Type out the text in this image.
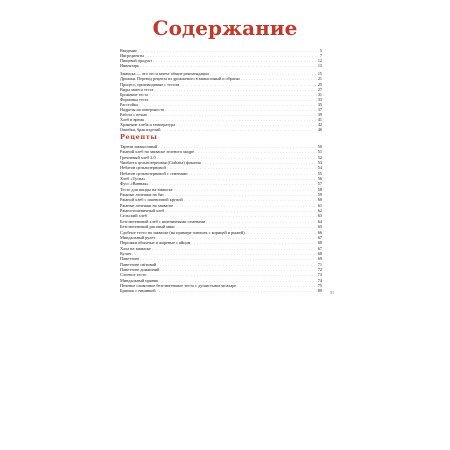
Содержание
Введение . . .	5
Ингредиенты . . .	7
Пищевой продукт . . .	12
Инвентарь . . .	13
Закваска — что это и зачем: общие рекомендации . . .	15
Дрожжи. Перевод рецепта из дрожжевого в заквасочный и обратно . . .	21
Процесс, производимые с тестом . . .	25
Виды замеса теста . . .	27
Брожение теста . . .	31
Формовка теста . . .	33
Расстойка . . .	35
Надрезы на поверхности . . .	37
Работа с печью . . .	39
Хлеб и время . . .	41
Хранение хлеба и температура . . .	42
Ошибки, брак изделий . . .	46
Рецепты
Тартин заквасочный . . .	50
Ржаной хлеб на закваске зеленого мадре . . .	51
Гречневый хлеб 2.0 . . .	52
Чиабатта цельнозерновая (Ciabatta) фокачча . . .	53
Небатон цельнозерновой . . .	54
Небатон цельнозерновой с семенами . . .	55
Хлеб «Тусна» . . .	56
Фусс «Винная» . . .	57
Тесто для пиццы на закваске . . .	58
Ржаные лепешки на бис . . .	59
Ржаной хлеб с пшеничной крупой . . .	60
Ржаные лепешки на закваске . . .	61
Ржано-пшеничный хлеб . . .	62
Сельский хлеб . . .	63
Безглютеновый хлеб с пшеничными семенами . . .	64
Безглютеновый рисовый микс . . .	65
Сдобное тесто на закваске (на примере плюшек с корицей и рыжей) . . .	66
Миндальный рулет . . .	67
Пирожки обычные и жареные с яйцом . . .	68
Хала на закваске . . .	67
Кулич . . .	68
Панеттоне . . .	69
Панеттоне світовий . . .	71
Панеттоне домашний . . .	72
Слоеное тесто . . .	73
Миндальный пряник . . .	74
Печенье сливочное безглютеновое тесто с душистыми засахаре . . .	75
Бриошь с начинкой . . .	80 51
